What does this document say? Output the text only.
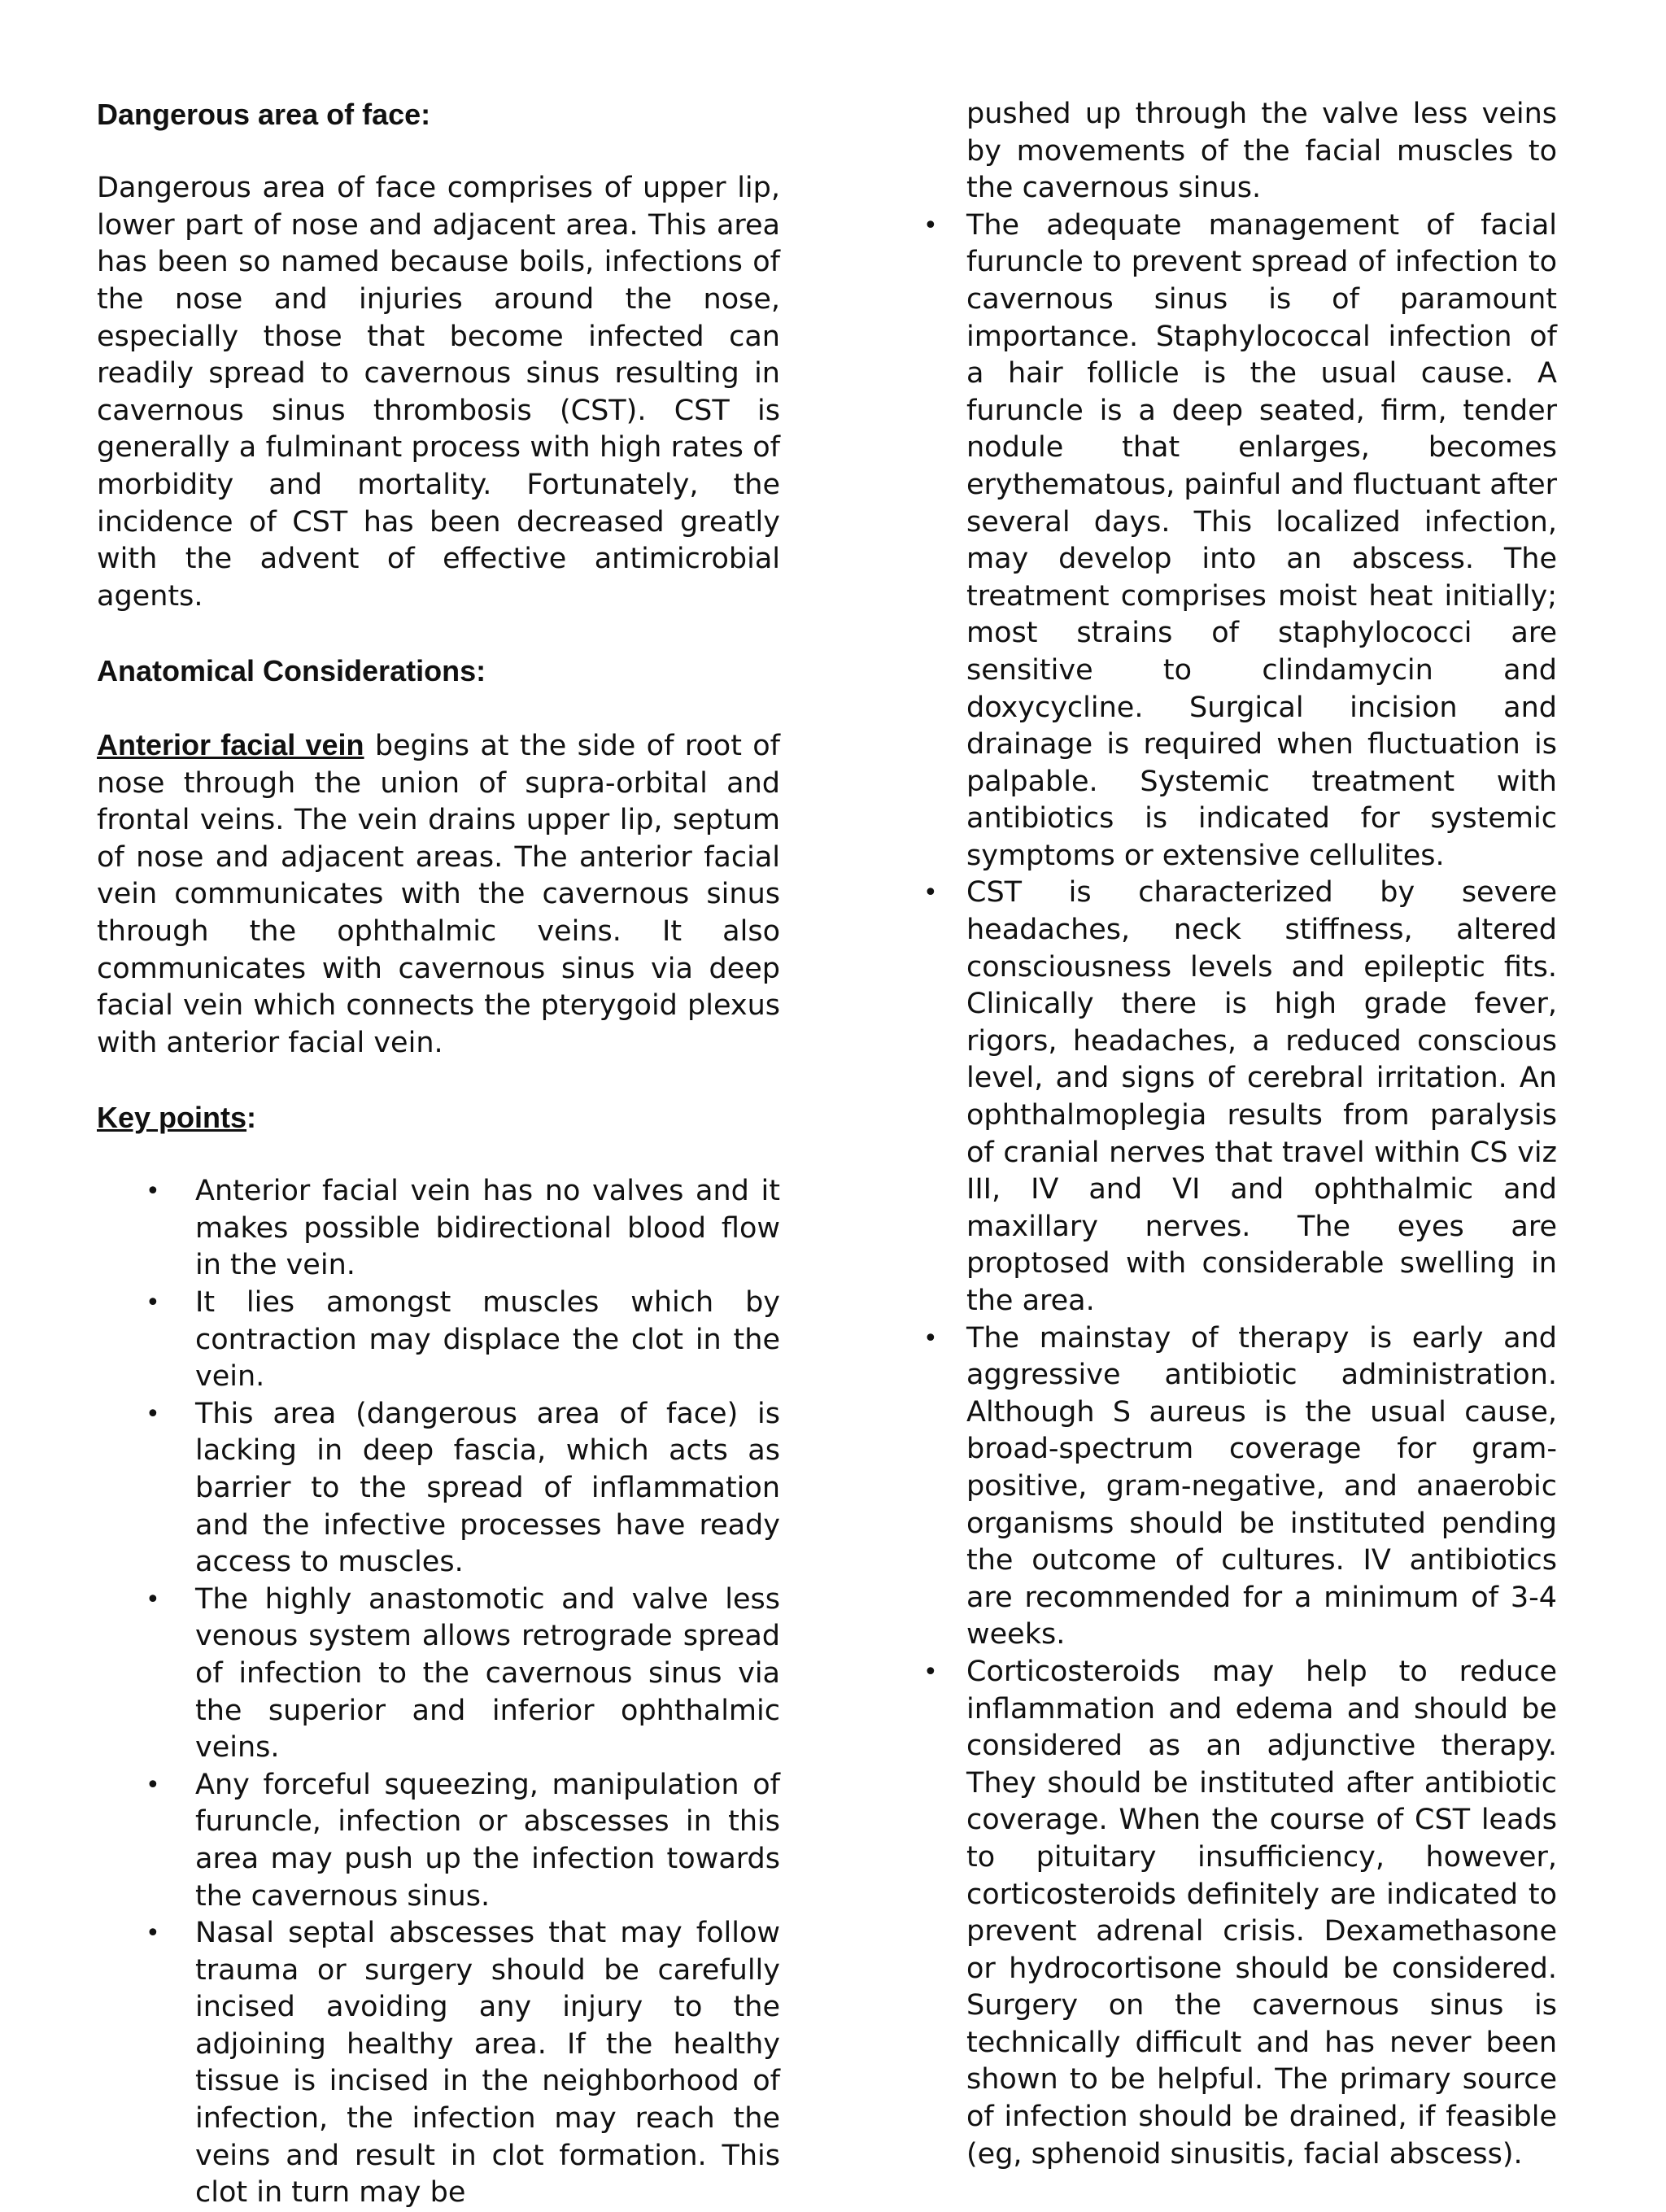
Dangerous area of face:

Dangerous area of face comprises of upper lip, lower part of nose and adjacent area. This area has been so named because boils, infections of the nose and injuries around the nose, especially those that become infected can readily spread to cavernous sinus resulting in cavernous sinus thrombosis (CST). CST is generally a fulminant process with high rates of morbidity and mortality. Fortunately, the incidence of CST has been decreased greatly with the advent of effective antimicrobial agents.

Anatomical Considerations:

Anterior facial vein begins at the side of root of nose through the union of supra-orbital and frontal veins. The vein drains upper lip, septum of nose and adjacent areas. The anterior facial vein communicates with the cavernous sinus through the ophthalmic veins. It also communicates with cavernous sinus via deep facial vein which connects the pterygoid plexus with anterior facial vein.

Key points:
• Anterior facial vein has no valves and it makes possible bidirectional blood flow in the vein.
• It lies amongst muscles which by contraction may displace the clot in the vein.
• This area (dangerous area of face) is lacking in deep fascia, which acts as barrier to the spread of inflammation and the infective processes have ready access to muscles.
• The highly anastomotic and valve less venous system allows retrograde spread of infection to the cavernous sinus via the superior and inferior ophthalmic veins.
• Any forceful squeezing, manipulation of furuncle, infection or abscesses in this area may push up the infection towards the cavernous sinus.
• Nasal septal abscesses that may follow trauma or surgery should be carefully incised avoiding any injury to the adjoining healthy area. If the healthy tissue is incised in the neighborhood of infection, the infection may reach the veins and result in clot formation. This clot in turn may be

pushed up through the valve less veins by movements of the facial muscles to the cavernous sinus.

• The adequate management of facial furuncle to prevent spread of infection to cavernous sinus is of paramount importance. Staphylococcal infection of a hair follicle is the usual cause. A furuncle is a deep seated, firm, tender nodule that enlarges, becomes erythematous, painful and fluctuant after several days. This localized infection, may develop into an abscess. The treatment comprises moist heat initially; most strains of staphylococci are sensitive to clindamycin and doxycycline. Surgical incision and drainage is required when fluctuation is palpable. Systemic treatment with antibiotics is indicated for systemic symptoms or extensive cellulites.
• CST is characterized by severe headaches, neck stiffness, altered consciousness levels and epileptic fits. Clinically there is high grade fever, rigors, headaches, a reduced conscious level, and signs of cerebral irritation. An ophthalmoplegia results from paralysis of cranial nerves that travel within CS viz III, IV and VI and ophthalmic and maxillary nerves. The eyes are proptosed with considerable swelling in the area.
• The mainstay of therapy is early and aggressive antibiotic administration. Although S aureus is the usual cause, broad-spectrum coverage for gram-positive, gram-negative, and anaerobic organisms should be instituted pending the outcome of cultures. IV antibiotics are recommended for a minimum of 3-4 weeks.
• Corticosteroids may help to reduce inflammation and edema and should be considered as an adjunctive therapy. They should be instituted after antibiotic coverage. When the course of CST leads to pituitary insufficiency, however, corticosteroids definitely are indicated to prevent adrenal crisis. Dexamethasone or hydrocortisone should be considered. Surgery on the cavernous sinus is technically difficult and has never been shown to be helpful. The primary source of infection should be drained, if feasible (eg, sphenoid sinusitis, facial abscess).
